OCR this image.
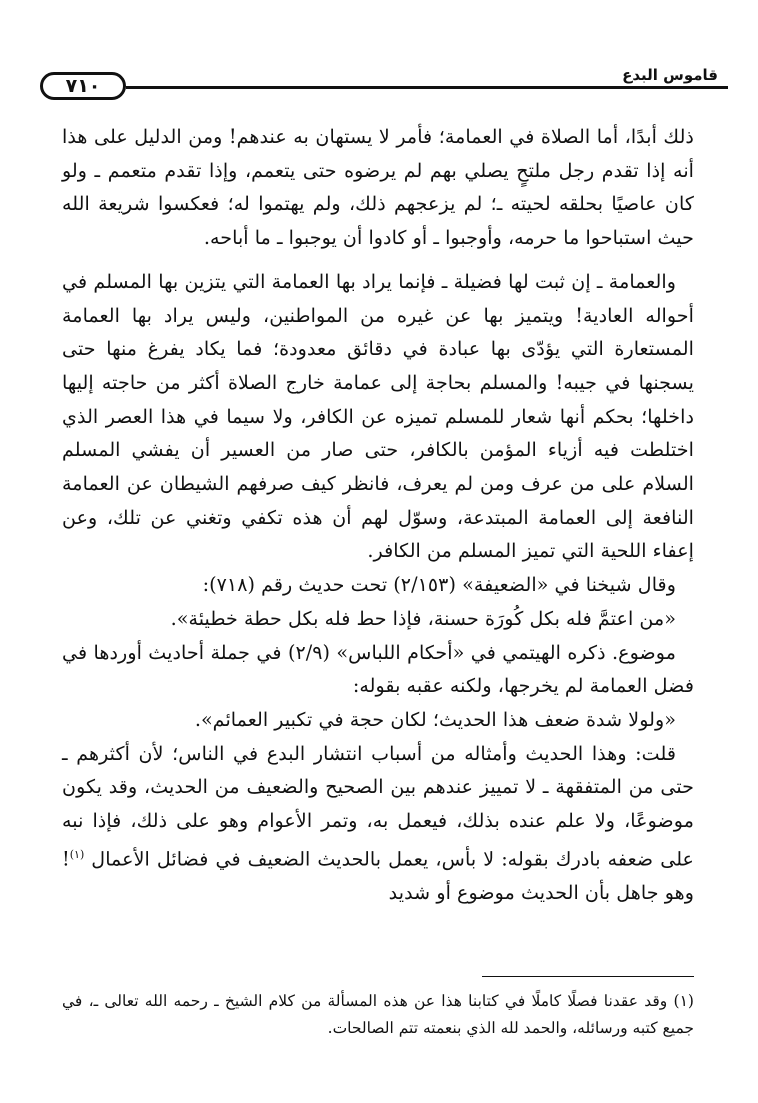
٧١٠	قاموس البدع

ذلك أبدًا، أما الصلاة في العمامة؛ فأمر لا يستهان به عندهم! ومن الدليل على هذا أنه إذا تقدم رجل ملتحٍ يصلي بهم لم يرضوه حتى يتعمم، وإذا تقدم متعمم ـ ولو كان عاصيًا بحلقه لحيته ـ؛ لم يزعجهم ذلك، ولم يهتموا له؛ فعكسوا شريعة الله حيث استباحوا ما حرمه، وأوجبوا ـ أو كادوا أن يوجبوا ـ ما أباحه.

والعمامة ـ إن ثبت لها فضيلة ـ فإنما يراد بها العمامة التي يتزين بها المسلم في أحواله العادية! ويتميز بها عن غيره من المواطنين، وليس يراد بها العمامة المستعارة التي يؤدّى بها عبادة في دقائق معدودة؛ فما يكاد يفرغ منها حتى يسجنها في جيبه! والمسلم بحاجة إلى عمامة خارج الصلاة أكثر من حاجته إليها داخلها؛ بحكم أنها شعار للمسلم تميزه عن الكافر، ولا سيما في هذا العصر الذي اختلطت فيه أزياء المؤمن بالكافر، حتى صار من العسير أن يفشي المسلم السلام على من عرف ومن لم يعرف، فانظر كيف صرفهم الشيطان عن العمامة النافعة إلى العمامة المبتدعة، وسوّل لهم أن هذه تكفي وتغني عن تلك، وعن إعفاء اللحية التي تميز المسلم من الكافر.

وقال شيخنا في «الضعيفة» (٢/١٥٣) تحت حديث رقم (٧١٨):

«من اعتمَّ فله بكل كُورَة حسنة، فإذا حط فله بكل حطة خطيئة».

موضوع. ذكره الهيتمي في «أحكام اللباس» (٢/٩) في جملة أحاديث أوردها في فضل العمامة لم يخرجها، ولكنه عقبه بقوله:

«ولولا شدة ضعف هذا الحديث؛ لكان حجة في تكبير العمائم».

قلت: وهذا الحديث وأمثاله من أسباب انتشار البدع في الناس؛ لأن أكثرهم ـ حتى من المتفقهة ـ لا تمييز عندهم بين الصحيح والضعيف من الحديث، وقد يكون موضوعًا، ولا علم عنده بذلك، فيعمل به، وتمر الأعوام وهو على ذلك، فإذا نبه على ضعفه بادرك بقوله: لا بأس، يعمل بالحديث الضعيف في فضائل الأعمال $^{(١)}$! وهو جاهل بأن الحديث موضوع أو شديد

(١) وقد عقدنا فصلًا كاملًا في كتابنا هذا عن هذه المسألة من كلام الشيخ ـ رحمه الله تعالى ـ، في جميع كتبه ورسائله، والحمد لله الذي بنعمته تتم الصالحات.
